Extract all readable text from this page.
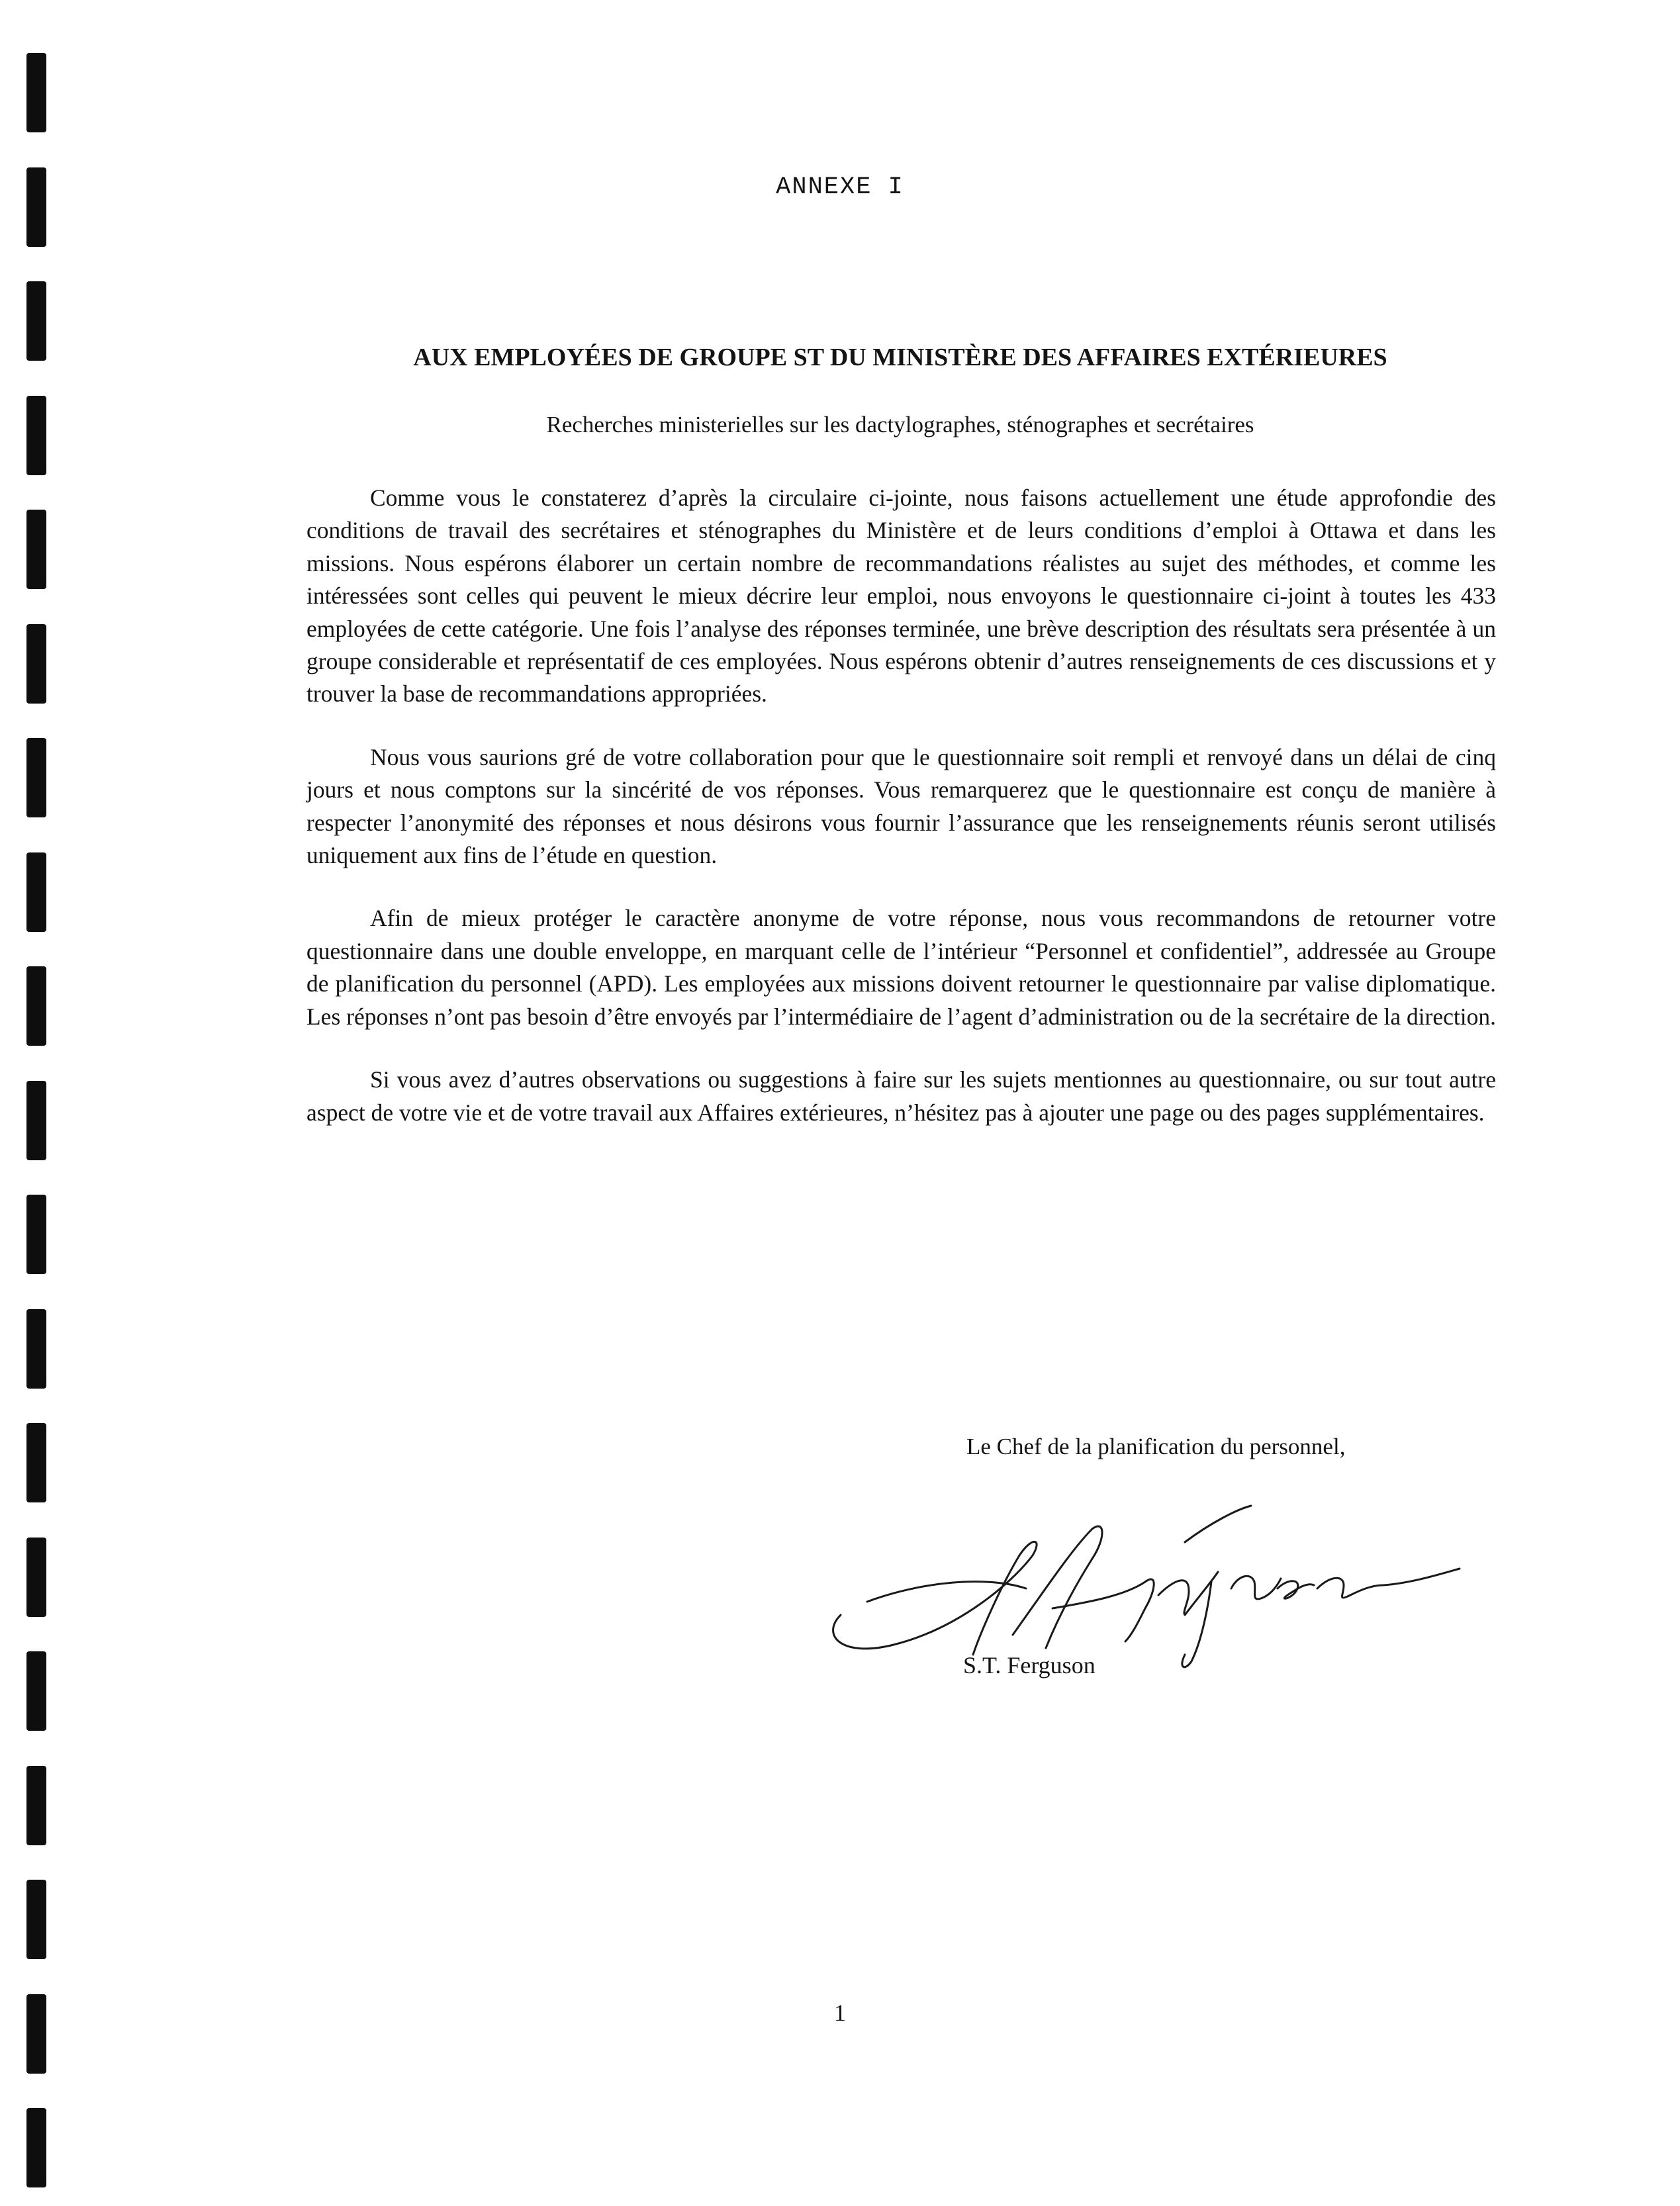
ANNEXE I
AUX EMPLOYÉES DE GROUPE ST DU MINISTÈRE DES AFFAIRES EXTÉRIEURES
Recherches ministerielles sur les dactylographes, sténographes et secrétaires

Comme vous le constaterez d’après la circulaire ci-jointe, nous faisons actuellement une étude approfondie des conditions de travail des secrétaires et sténographes du Ministère et de leurs conditions d’emploi à Ottawa et dans les missions. Nous espérons élaborer un certain nombre de recommandations réalistes au sujet des méthodes, et comme les intéressées sont celles qui peuvent le mieux décrire leur emploi, nous envoyons le questionnaire ci-joint à toutes les 433 employées de cette catégorie. Une fois l’analyse des réponses terminée, une brève description des résultats sera présentée à un groupe considerable et représentatif de ces employées. Nous espérons obtenir d’autres renseignements de ces discussions et y trouver la base de recommandations appropriées.

Nous vous saurions gré de votre collaboration pour que le questionnaire soit rempli et renvoyé dans un délai de cinq jours et nous comptons sur la sincérité de vos réponses. Vous remarquerez que le questionnaire est conçu de manière à respecter l’anonymité des réponses et nous désirons vous fournir l’assurance que les renseignements réunis seront utilisés uniquement aux fins de l’étude en question.

Afin de mieux protéger le caractère anonyme de votre réponse, nous vous recommandons de retourner votre questionnaire dans une double enveloppe, en marquant celle de l’intérieur “Personnel et confidentiel”, addressée au Groupe de planification du personnel (APD). Les employées aux missions doivent retourner le questionnaire par valise diplomatique. Les réponses n’ont pas besoin d’être envoyés par l’intermédiaire de l’agent d’administration ou de la secrétaire de la direction.

Si vous avez d’autres observations ou suggestions à faire sur les sujets mentionnes au questionnaire, ou sur tout autre aspect de votre vie et de votre travail aux Affaires extérieures, n’hésitez pas à ajouter une page ou des pages supplémentaires.

Le Chef de la planification du personnel,
S.T. Ferguson
1
